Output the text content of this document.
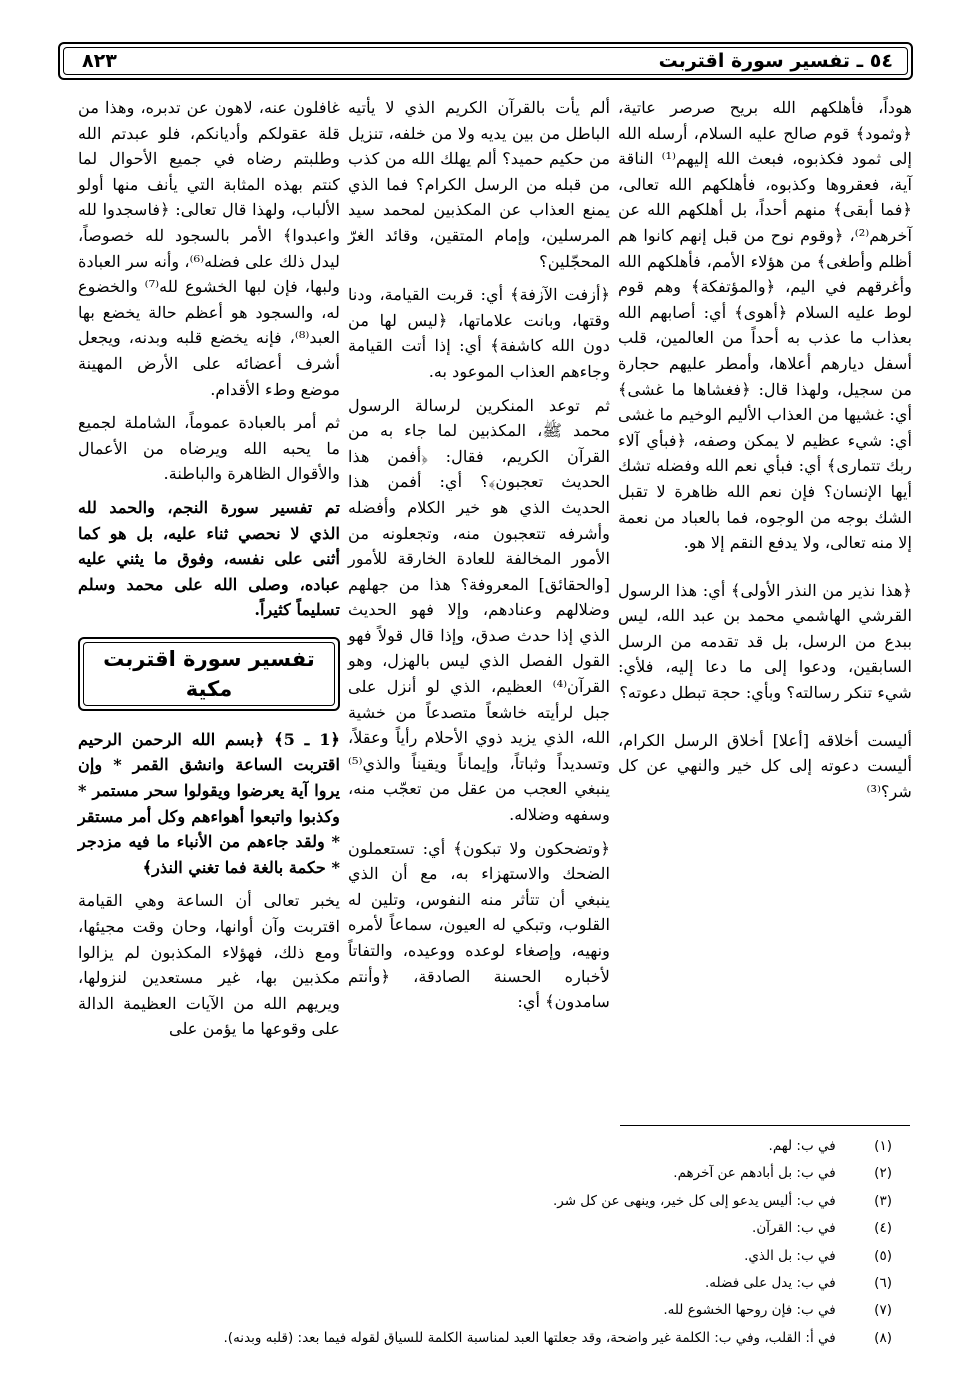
٥٤ ـ تفسير سورة اقتربت
٨٢٣

هوداً، فأهلكهم الله بريح صرصر عاتية، ﴿وثمود﴾ قوم صالح عليه السلام، أرسله الله إلى ثمود فكذبوه، فبعث الله إليهم⁽¹⁾ الناقة آية، فعقروها وكذبوه، فأهلكهم الله تعالى، ﴿فما أبقى﴾ منهم أحداً، بل أهلكهم الله عن آخرهم⁽²⁾، ﴿وقوم نوح من قبل إنهم كانوا هم أظلم وأطغى﴾ من هؤلاء الأمم، فأهلكهم الله وأغرقهم في اليم، ﴿والمؤتفكة﴾ وهم قوم لوط عليه السلام ﴿أهوى﴾ أي: أصابهم الله بعذاب ما عذب به أحداً من العالمين، قلب أسفل ديارهم أعلاها، وأمطر عليهم حجارة من سجيل، ولهذا قال: ﴿فغشاها ما غشى﴾ أي: غشيها من العذاب الأليم الوخيم ما غشى أي: شيء عظيم لا يمكن وصفه، ﴿فبأي آلاء ربك تتمارى﴾ أي: فبأي نعم الله وفضله تشك أيها الإنسان؟ فإن نعم الله ظاهرة لا تقبل الشك بوجه من الوجوه، فما بالعباد من نعمة إلا منه تعالى، ولا يدفع النقم إلا هو.

﴿هذا نذير من النذر الأولى﴾ أي: هذا الرسول القرشي الهاشمي محمد بن عبد الله، ليس ببدع من الرسل، بل قد تقدمه من الرسل السابقين، ودعوا إلى ما دعا إليه، فلأي: شيء تنكر رسالته؟ وبأي: حجة تبطل دعوته؟

أليست أخلاقه [أعلا] أخلاق الرسل الكرام، أليست دعوته إلى كل خير والنهي عن كل شر؟⁽³⁾

ألم يأت بالقرآن الكريم الذي لا يأتيه الباطل من بين يديه ولا من خلفه، تنزيل من حكيم حميد؟ ألم يهلك الله من كذب من قبله من الرسل الكرام؟ فما الذي يمنع العذاب عن المكذبين لمحمد سيد المرسلين، وإمام المتقين، وقائد الغرّ المحجّلين؟

﴿أزفت الآزفة﴾ أي: قربت القيامة، ودنا وقتها، وبانت علاماتها، ﴿ليس لها من دون الله كاشفة﴾ أي: إذا أتت القيامة وجاءهم العذاب الموعود به.

ثم توعد المنكرين لرسالة الرسول محمد ﷺ، المكذبين لما جاء به من القرآن الكريم، فقال: ﴿أفمن هذا الحديث تعجبون﴾؟ أي: أفمن هذا الحديث الذي هو خير الكلام وأفضله وأشرفه تتعجبون منه، وتجعلونه من الأمور المخالفة للعادة الخارقة للأمور [والحقائق] المعروفة؟ هذا من جهلهم وضلالهم وعنادهم، وإلا فهو الحديث الذي إذا حدث صدق، وإذا قال قولاً فهو القول الفصل الذي ليس بالهزل، وهو القرآن⁽⁴⁾ العظيم، الذي لو أنزل على جبل لرأيته خاشعاً متصدعاً من خشية الله، الذي يزيد ذوي الأحلام رأياً وعقلاً، وتسديداً وثباتاً، وإيماناً ويقيناً والذي⁽⁵⁾ ينبغي العجب من عقل من تعجّب منه، وسفهه وضلاله.

﴿وتضحكون ولا تبكون﴾ أي: تستعملون الضحك والاستهزاء به، مع أن الذي ينبغي أن تتأثر منه النفوس، وتلين له القلوب، وتبكي له العيون، سماعاً لأمره ونهيه، وإصغاء لوعده ووعيده، والتفاتاً لأخباره الحسنة الصادقة، ﴿وأنتم سامدون﴾ أي:

غافلون عنه، لاهون عن تدبره، وهذا من قلة عقولكم وأديانكم، فلو عبدتم الله وطلبتم رضاه في جميع الأحوال لما كنتم بهذه المثابة التي يأنف منها أولو الألباب، ولهذا قال تعالى: ﴿فاسجدوا لله واعبدوا﴾ الأمر بالسجود لله خصوصاً، ليدل ذلك على فضله⁽⁶⁾، وأنه سر العبادة ولبها، فإن لبها الخشوع لله⁽⁷⁾ والخضوع له، والسجود هو أعظم حالة يخضع بها العبد⁽⁸⁾، فإنه يخضع قلبه وبدنه، ويجعل أشرف أعضائه على الأرض المهينة موضع وطء الأقدام.

ثم أمر بالعبادة عموماً، الشاملة لجميع ما يحبه الله ويرضاه من الأعمال والأقوال الظاهرة والباطنة.

تم تفسير سورة النجم، والحمد لله الذي لا نحصي ثناء عليه، بل هو كما أثنى على نفسه، وفوق ما يثني عليه عباده، وصلى الله على محمد وسلم تسليماً كثيراً.

تفسير سورة اقتربت
مكية

﴿1 ـ 5﴾ ﴿بسم الله الرحمن الرحيم اقتربت الساعة وانشق القمر * وإن يروا آية يعرضوا ويقولوا سحر مستمر * وكذبوا واتبعوا أهواءهم وكل أمر مستقر * ولقد جاءهم من الأنباء ما فيه مزدجر * حكمة بالغة فما تغني النذر﴾

يخبر تعالى أن الساعة وهي القيامة اقتربت وآن أوانها، وحان وقت مجيئها، ومع ذلك، فهؤلاء المكذبون لم يزالوا مكذبين بها، غير مستعدين لنزولها، ويريهم الله من الآيات العظيمة الدالة على وقوعها ما يؤمن على

(١) في ب: لهم.
(٢) في ب: بل أبادهم عن آخرهم.
(٣) في ب: أليس يدعو إلى كل خير، وينهى عن كل شر.
(٤) في ب: القرآن.
(٥) في ب: بل الذي.
(٦) في ب: يدل على فضله.
(٧) في ب: فإن روحها الخشوع لله.
(٨) في أ: القلب، وفي ب: الكلمة غير واضحة، وقد جعلتها العبد لمناسبة الكلمة للسياق لقوله فيما بعد: (قلبه وبدنه).
